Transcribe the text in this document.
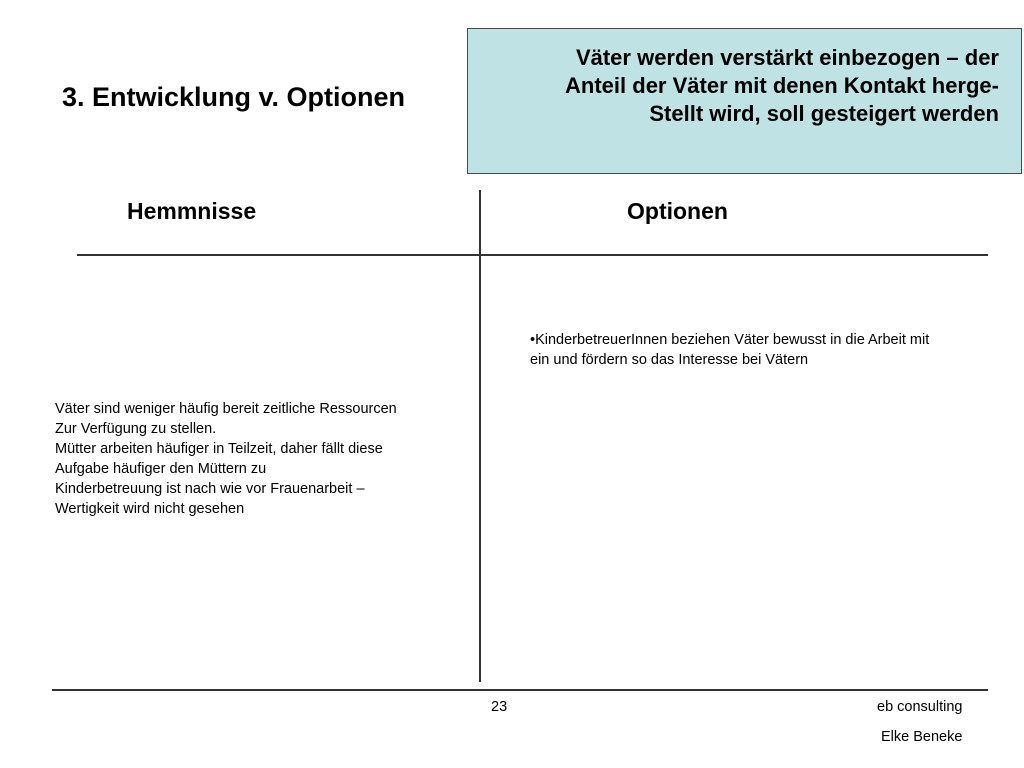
3. Entwicklung v. Optionen
Väter werden verstärkt einbezogen – der
Anteil der Väter mit denen Kontakt herge-
Stellt wird, soll gesteigert werden
Hemmnisse	Optionen
Väter sind weniger häufig bereit zeitliche Ressourcen
Zur Verfügung zu stellen.
Mütter arbeiten häufiger in Teilzeit, daher fällt diese
Aufgabe häufiger den Müttern zu
Kinderbetreuung ist nach wie vor Frauenarbeit –
Wertigkeit wird nicht gesehen
•KinderbetreuerInnen beziehen Väter bewusst in die Arbeit mit
ein und fördern so das Interesse bei Vätern
23	eb consulting
Elke Beneke
